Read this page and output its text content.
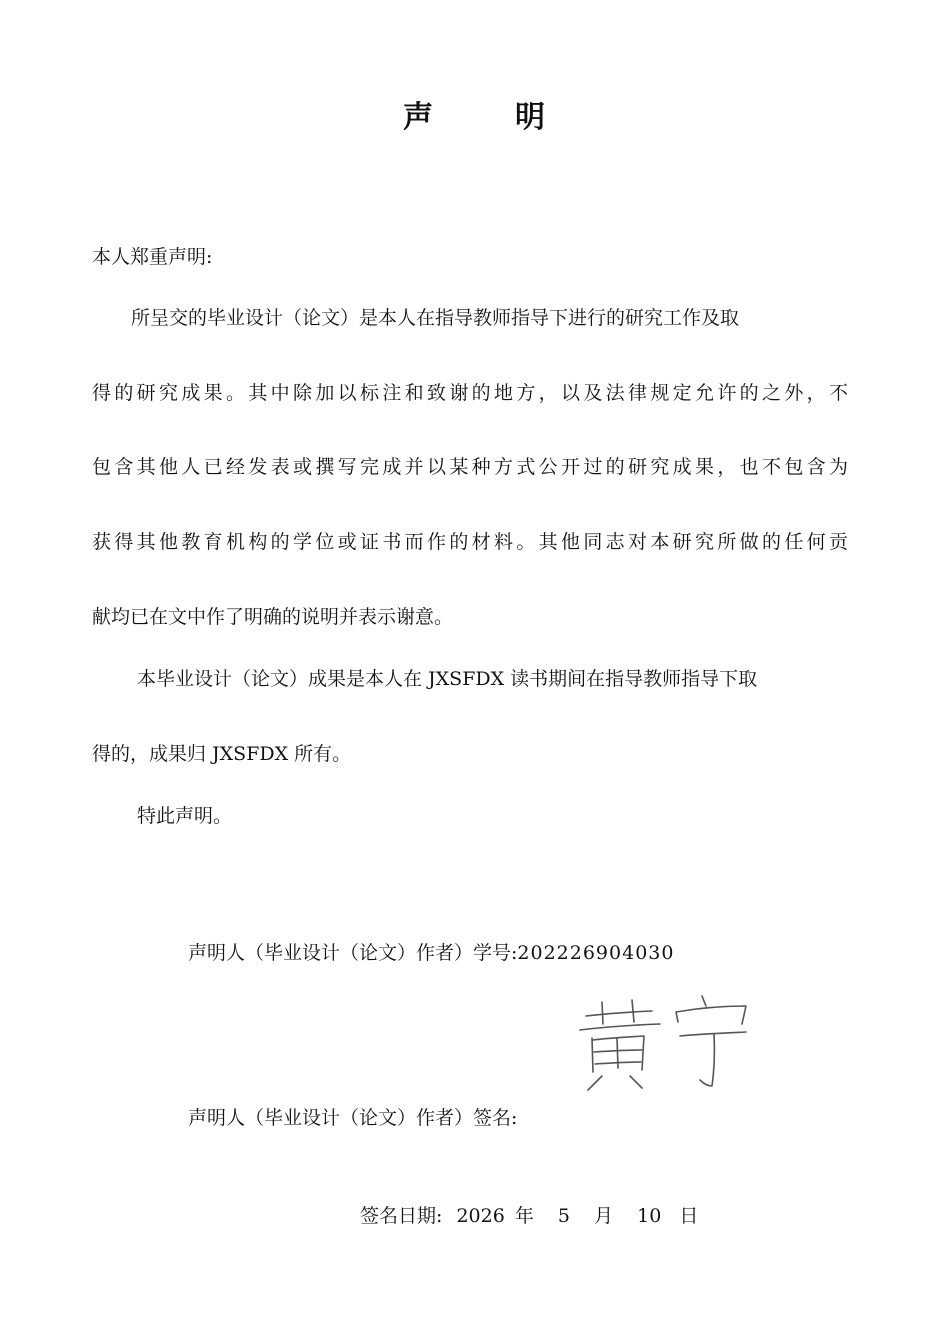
声	明
本人郑重声明:
所呈交的毕业设计（论文）是本人在指导教师指导下进行的研究工作及取
得的研究成果。其中除加以标注和致谢的地方，以及法律规定允许的之外，不
包含其他人已经发表或撰写完成并以某种方式公开过的研究成果，也不包含为
获得其他教育机构的学位或证书而作的材料。其他同志对本研究所做的任何贡
献均已在文中作了明确的说明并表示谢意。
本毕业设计（论文）成果是本人在 JXSFDX 读书期间在指导教师指导下取
得的，成果归 JXSFDX 所有。
特此声明。
声明人（毕业设计（论文）作者）学号:202226904030
声明人（毕业设计（论文）作者）签名:
签名日期: 2026 年 5 月 10 日
